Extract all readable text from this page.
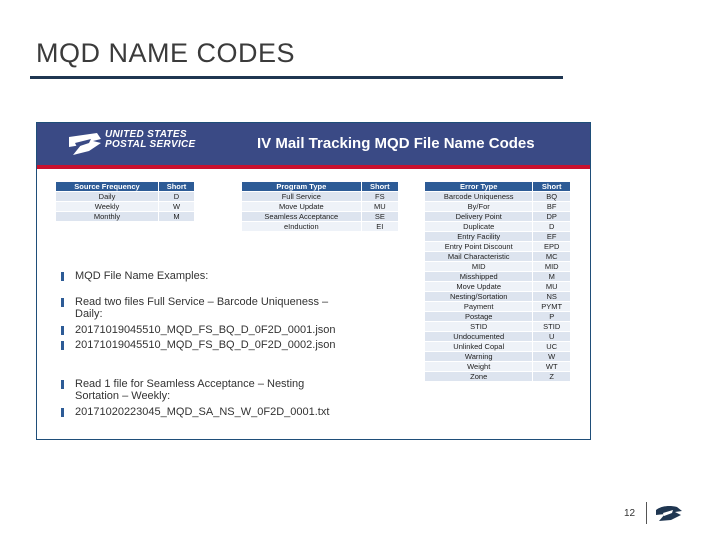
MQD NAME CODES
UNITED STATES
POSTAL SERVICE	IV Mail Tracking MQD File Name Codes
Source Frequency	Short
Daily	D
Weekly	W
Monthly	M
Program Type	Short
Full Service	FS
Move Update	MU
Seamless Acceptance	SE
eInduction	EI
Error Type	Short
Barcode Uniqueness	BQ
By/For	BF
Delivery Point	DP
Duplicate	D
Entry Facility	EF
Entry Point Discount	EPD
Mail Characteristic	MC
MID	MID
Misshipped	M
Move Update	MU
Nesting/Sortation	NS
Payment	PYMT
Postage	P
STID	STID
Undocumented	U
Unlinked Copal	UC
Warning	W
Weight	WT
Zone	Z
MQD File Name Examples:
Read two files Full Service – Barcode Uniqueness – Daily:
20171019045510_MQD_FS_BQ_D_0F2D_0001.json
20171019045510_MQD_FS_BQ_D_0F2D_0002.json
Read 1 file for Seamless Acceptance – Nesting Sortation – Weekly:
20171020223045_MQD_SA_NS_W_0F2D_0001.txt
12
